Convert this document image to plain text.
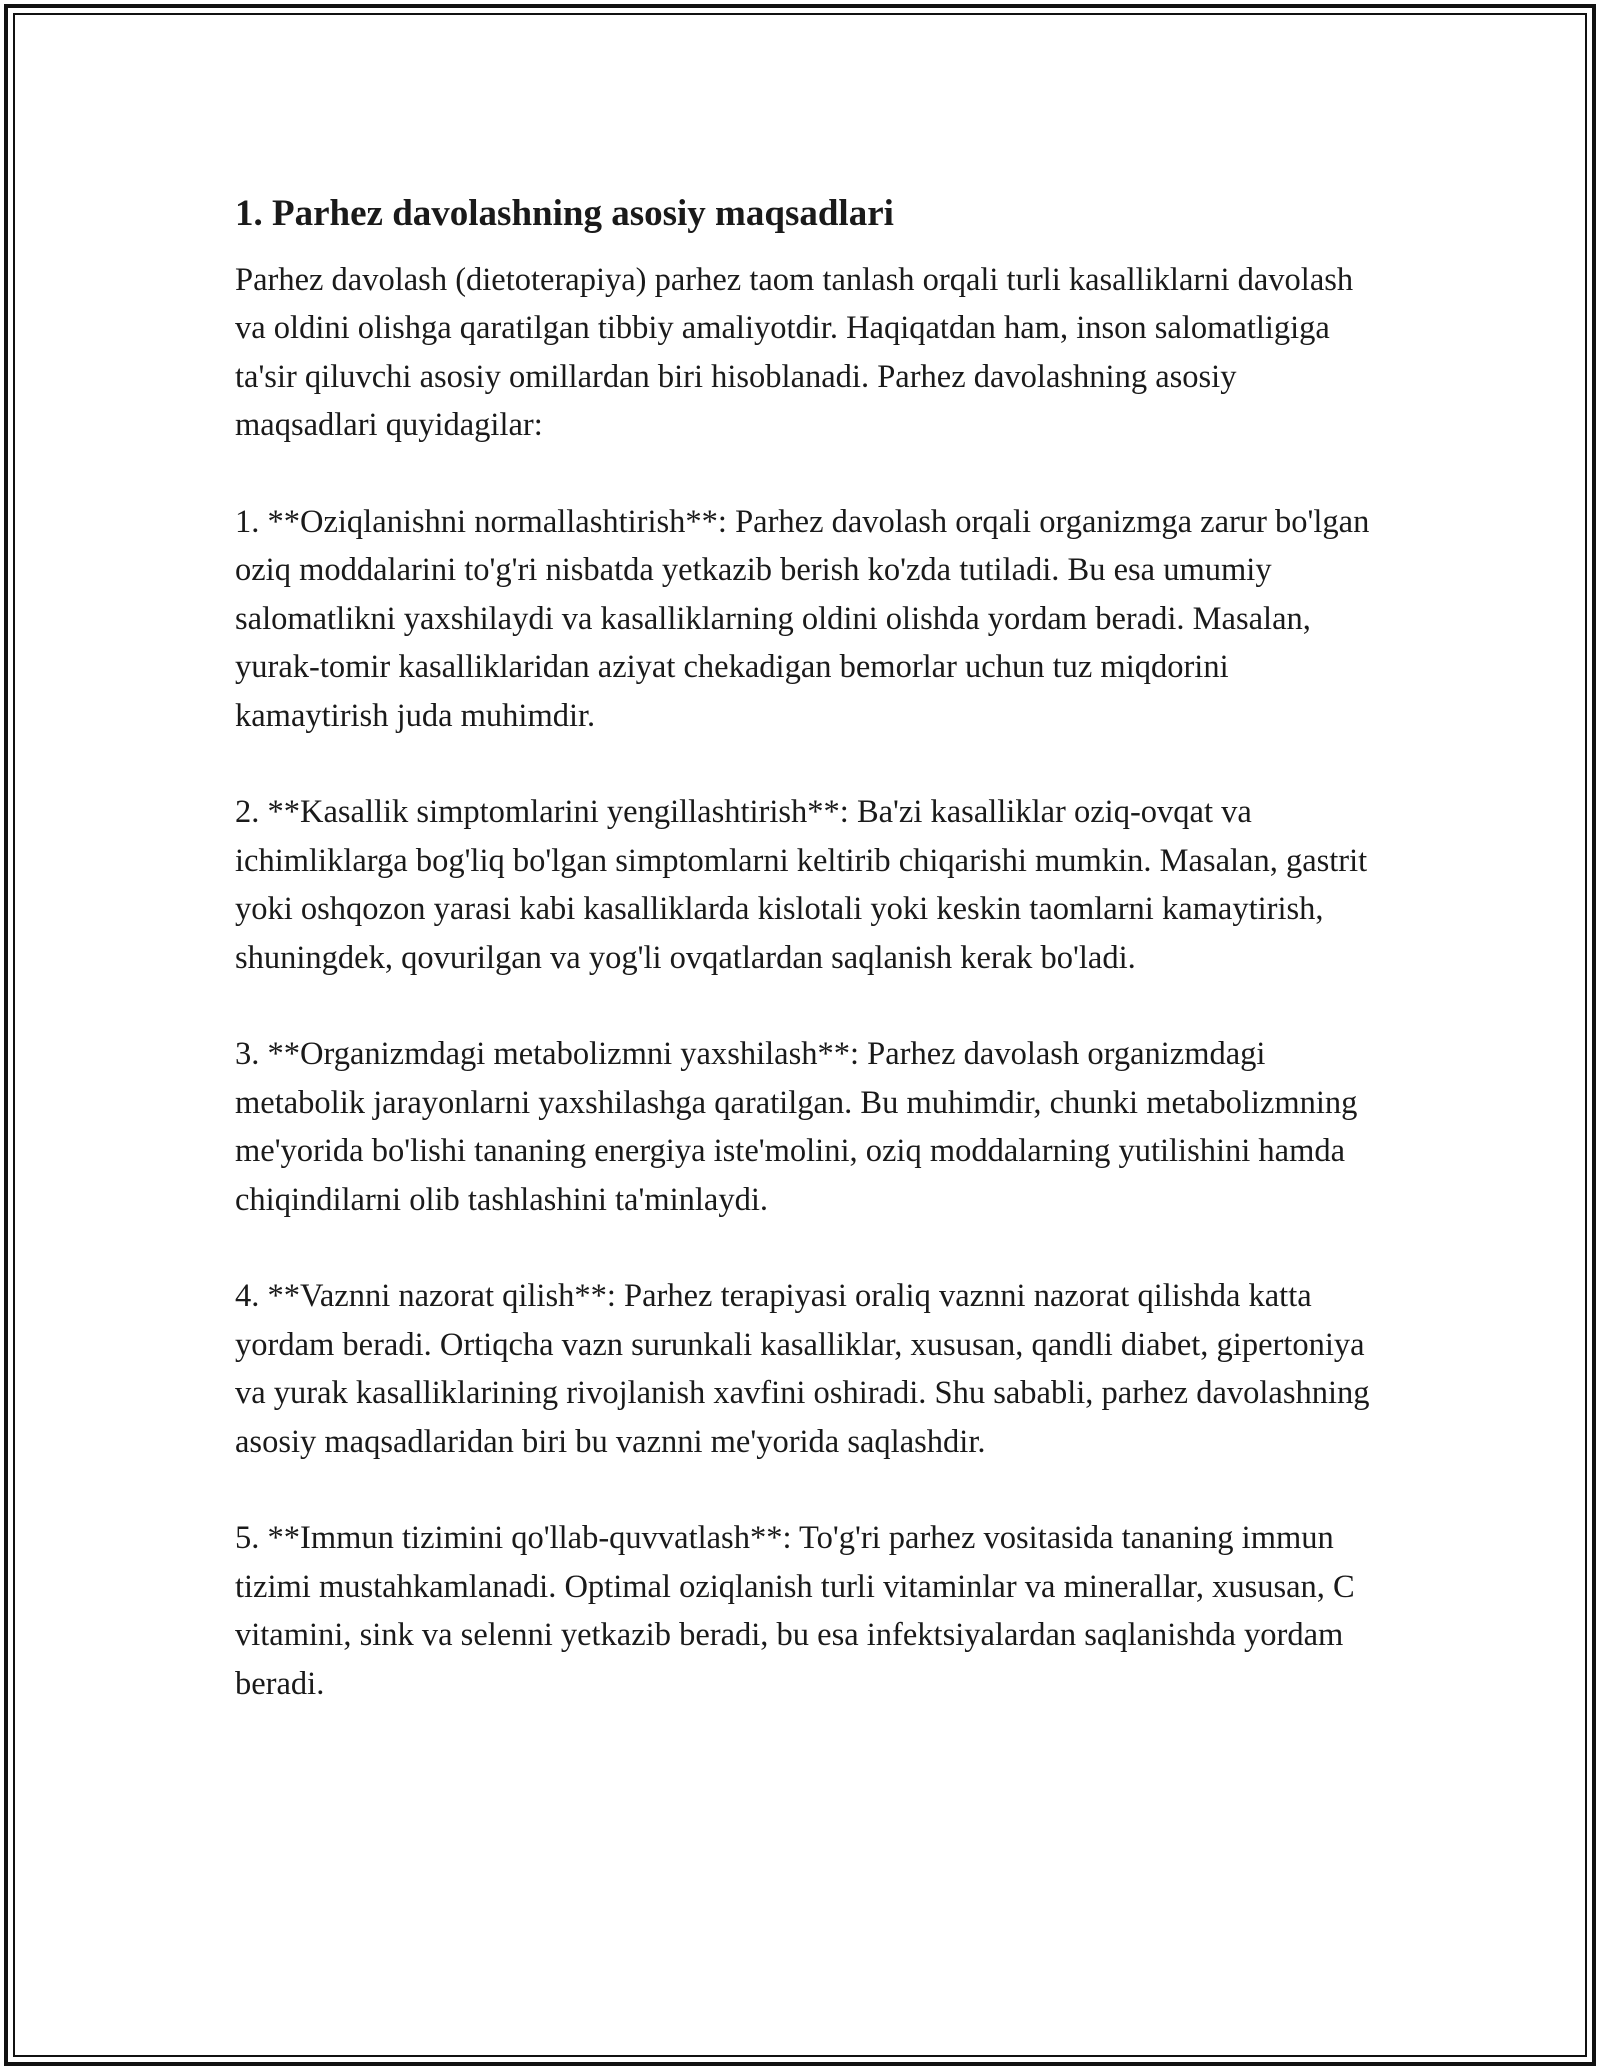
1. Parhez davolashning asosiy maqsadlari

Parhez davolash (dietoterapiya) parhez taom tanlash orqali turli kasalliklarni davolash va oldini olishga qaratilgan tibbiy amaliyotdir. Haqiqatdan ham, inson salomatligiga ta'sir qiluvchi asosiy omillardan biri hisoblanadi. Parhez davolashning asosiy maqsadlari quyidagilar:

1. **Oziqlanishni normallashtirish**: Parhez davolash orqali organizmga zarur bo'lgan oziq moddalarini to'g'ri nisbatda yetkazib berish ko'zda tutiladi. Bu esa umumiy salomatlikni yaxshilaydi va kasalliklarning oldini olishda yordam beradi. Masalan, yurak-tomir kasalliklaridan aziyat chekadigan bemorlar uchun tuz miqdorini kamaytirish juda muhimdir.

2. **Kasallik simptomlarini yengillashtirish**: Ba'zi kasalliklar oziq-ovqat va ichimliklarga bog'liq bo'lgan simptomlarni keltirib chiqarishi mumkin. Masalan, gastrit yoki oshqozon yarasi kabi kasalliklarda kislotali yoki keskin taomlarni kamaytirish, shuningdek, qovurilgan va yog'li ovqatlardan saqlanish kerak bo'ladi.

3. **Organizmdagi metabolizmni yaxshilash**: Parhez davolash organizmdagi metabolik jarayonlarni yaxshilashga qaratilgan. Bu muhimdir, chunki metabolizmning me'yorida bo'lishi tananing energiya iste'molini, oziq moddalarning yutilishini hamda chiqindilarni olib tashlashini ta'minlaydi.

4. **Vaznni nazorat qilish**: Parhez terapiyasi oraliq vaznni nazorat qilishda katta yordam beradi. Ortiqcha vazn surunkali kasalliklar, xususan, qandli diabet, gipertoniya va yurak kasalliklarining rivojlanish xavfini oshiradi. Shu sababli, parhez davolashning asosiy maqsadlaridan biri bu vaznni me'yorida saqlashdir.

5. **Immun tizimini qo'llab-quvvatlash**: To'g'ri parhez vositasida tananing immun tizimi mustahkamlanadi. Optimal oziqlanish turli vitaminlar va minerallar, xususan, C vitamini, sink va selenni yetkazib beradi, bu esa infektsiyalardan saqlanishda yordam beradi.
